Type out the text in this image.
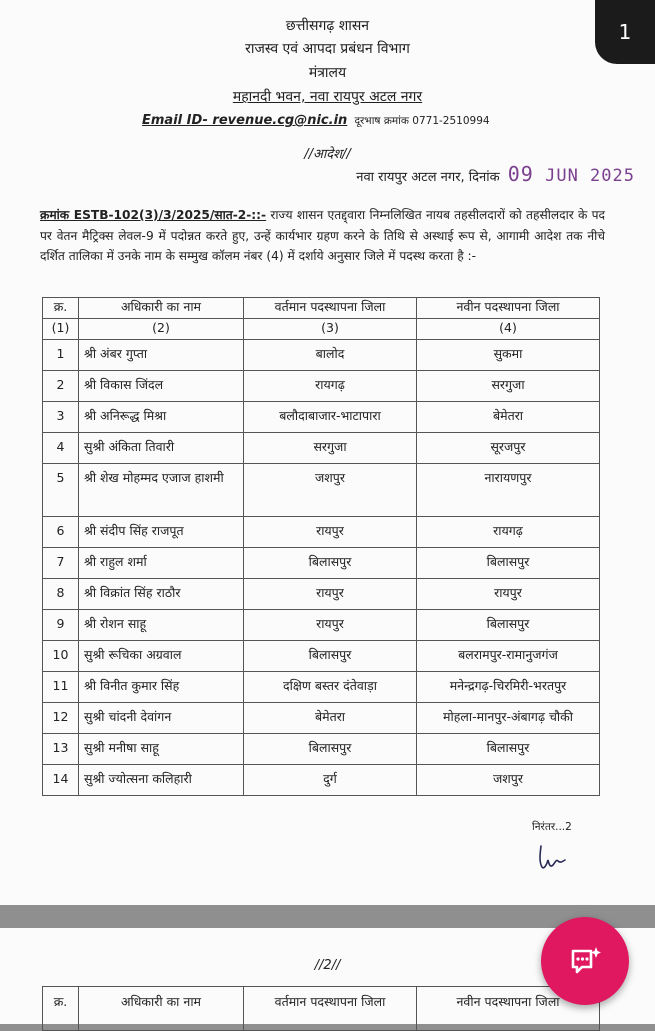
छत्तीसगढ़ शासन
राजस्व एवं आपदा प्रबंधन विभाग
मंत्रालय
महानदी भवन, नवा रायपुर अटल नगर
Email ID- revenue.cg@nic.in दूरभाष क्रमांक 0771-2510994
//आदेश//
नवा रायपुर अटल नगर, दिनांक 09 JUN 2025
क्रमांक ESTB-102(3)/3/2025/सात-2-::- राज्य शासन एतद्द्वारा निम्नलिखित नायब तहसीलदारों को तहसीलदार के पद पर वेतन मैट्रिक्स लेवल-9 में पदोन्नत करते हुए, उन्हें कार्यभार ग्रहण करने के तिथि से अस्थाई रूप से, आगामी आदेश तक नीचे दर्शित तालिका में उनके नाम के सम्मुख कॉलम नंबर (4) में दर्शाये अनुसार जिले में पदस्थ करता है :-
क्र.	अधिकारी का नाम	वर्तमान पदस्थापना जिला	नवीन पदस्थापना जिला
(1)	(2)	(3)	(4)
1	श्री अंबर गुप्ता	बालोद	सुकमा
2	श्री विकास जिंदल	रायगढ़	सरगुजा
3	श्री अनिरूद्ध मिश्रा	बलौदाबाजार-भाटापारा	बेमेतरा
4	सुश्री अंकिता तिवारी	सरगुजा	सूरजपुर
5	श्री शेख मोहम्मद एजाज हाशमी	जशपुर	नारायणपुर
6	श्री संदीप सिंह राजपूत	रायपुर	रायगढ़
7	श्री राहुल शर्मा	बिलासपुर	बिलासपुर
8	श्री विक्रांत सिंह राठौर	रायपुर	रायपुर
9	श्री रोशन साहू	रायपुर	बिलासपुर
10	सुश्री रूचिका अग्रवाल	बिलासपुर	बलरामपुर-रामानुजगंज
11	श्री विनीत कुमार सिंह	दक्षिण बस्तर दंतेवाड़ा	मनेन्द्रगढ़-चिरमिरी-भरतपुर
12	सुश्री चांदनी देवांगन	बेमेतरा	मोहला-मानपुर-अंबागढ़ चौकी
13	सुश्री मनीषा साहू	बिलासपुर	बिलासपुर
14	सुश्री ज्योत्सना कलिहारी	दुर्ग	जशपुर
निरंतर...2
//2//
क्र.	अधिकारी का नाम	वर्तमान पदस्थापना जिला	नवीन पदस्थापना जिला
1
